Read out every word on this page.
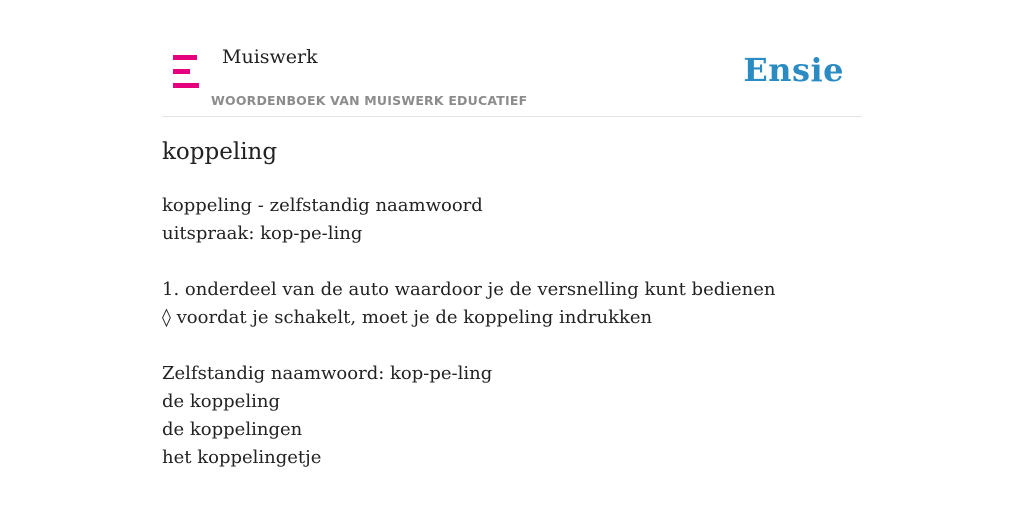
Muiswerk
WOORDENBOEK VAN MUISWERK EDUCATIEF
Ensie
koppeling
koppeling - zelfstandig naamwoord
uitspraak: kop-pe-ling
1. onderdeel van de auto waardoor je de versnelling kunt bedienen
◊ voordat je schakelt, moet je de koppeling indrukken
Zelfstandig naamwoord: kop-pe-ling
de koppeling
de koppelingen
het koppelingetje
